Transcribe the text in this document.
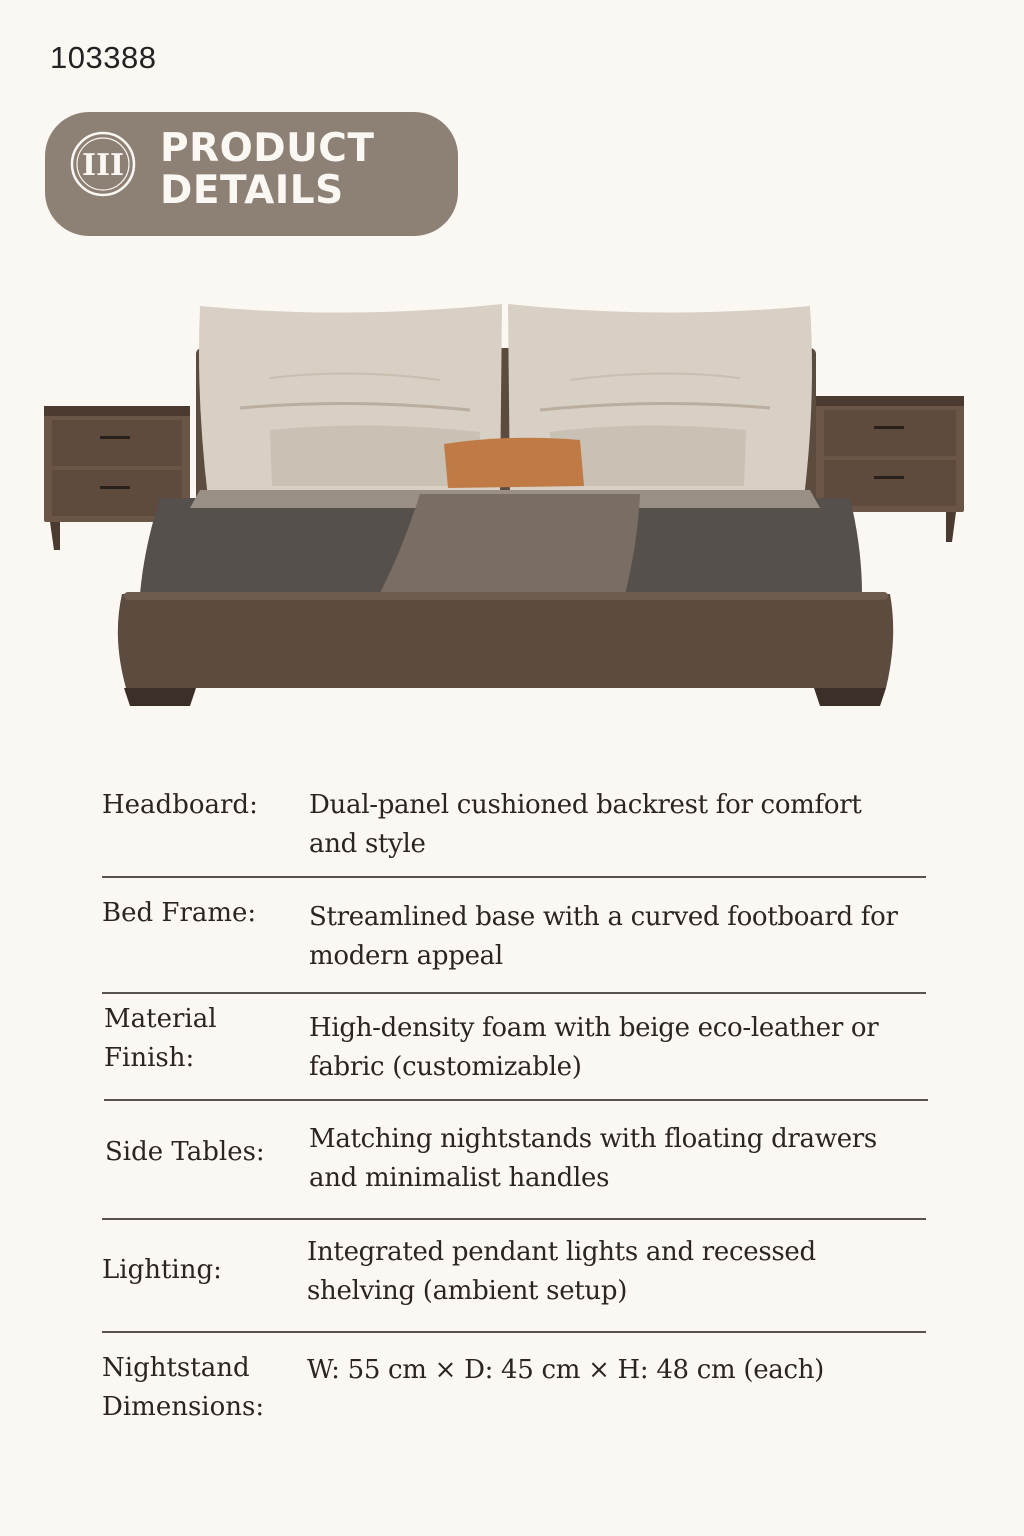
103388
III PRODUCT
DETAILS
Headboard: Dual-panel cushioned backrest for comfort
and style
Bed Frame: Streamlined base with a curved footboard for
modern appeal
Material
Finish:
High-density foam with beige eco-leather or
fabric (customizable)
Side Tables: Matching nightstands with floating drawers
and minimalist handles
Lighting:
Integrated pendant lights and recessed
shelving (ambient setup)
Nightstand
Dimensions:
W: 55 cm × D: 45 cm × H: 48 cm (each)
